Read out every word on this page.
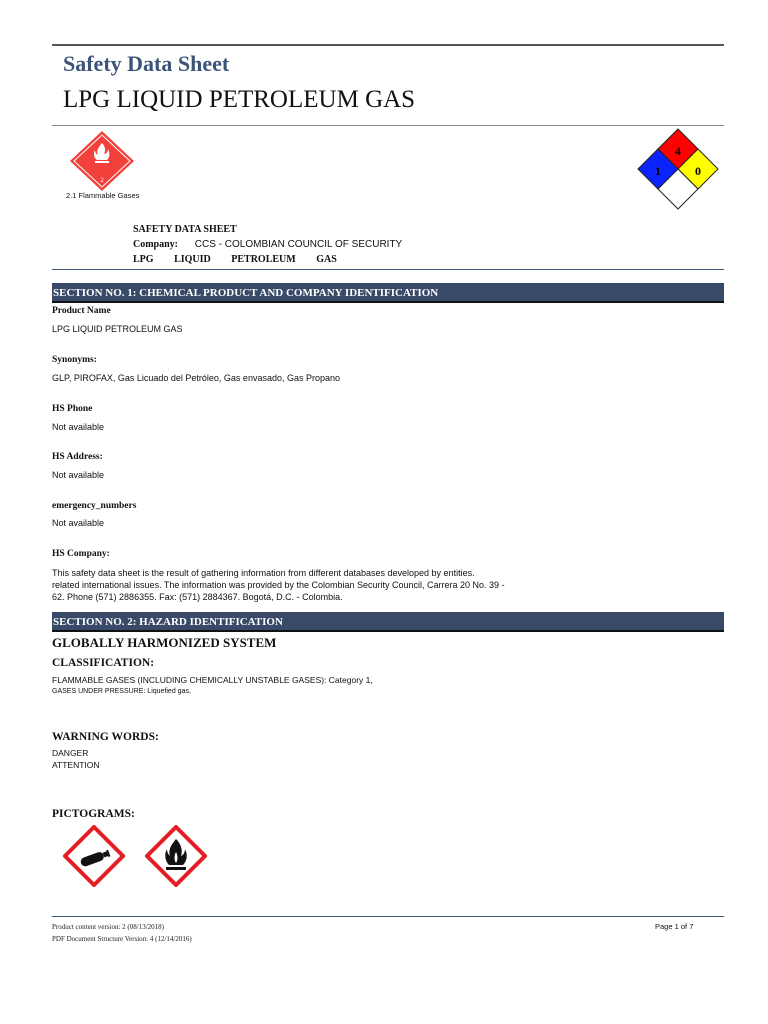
Safety Data Sheet
LPG LIQUID PETROLEUM GAS
2
2.1 Flammable Gases
4
1	0
SAFETY DATA SHEET
Company: CCS - COLOMBIAN COUNCIL OF SECURITY
LPG LIQUID PETROLEUM GAS
SECTION NO. 1: CHEMICAL PRODUCT AND COMPANY IDENTIFICATION
Product Name
LPG LIQUID PETROLEUM GAS
Synonyms:
GLP, PIROFAX, Gas Licuado del Petróleo, Gas envasado, Gas Propano
HS Phone
Not available
HS Address:
Not available
emergency_numbers
Not available
HS Company:
This safety data sheet is the result of gathering information from different databases developed by entities.
related international issues. The information was provided by the Colombian Security Council, Carrera 20 No. 39 -
62. Phone (571) 2886355. Fax: (571) 2884367. Bogotá, D.C. - Colombia.
SECTION NO. 2: HAZARD IDENTIFICATION
GLOBALLY HARMONIZED SYSTEM
CLASSIFICATION:
FLAMMABLE GASES (INCLUDING CHEMICALLY UNSTABLE GASES): Category 1,
GASES UNDER PRESSURE: Liquefied gas,
WARNING WORDS:
DANGER
ATTENTION
PICTOGRAMS:
Product content version: 2 (08/13/2018)
PDF Document Structure Version: 4 (12/14/2016)
Page 1 of 7
